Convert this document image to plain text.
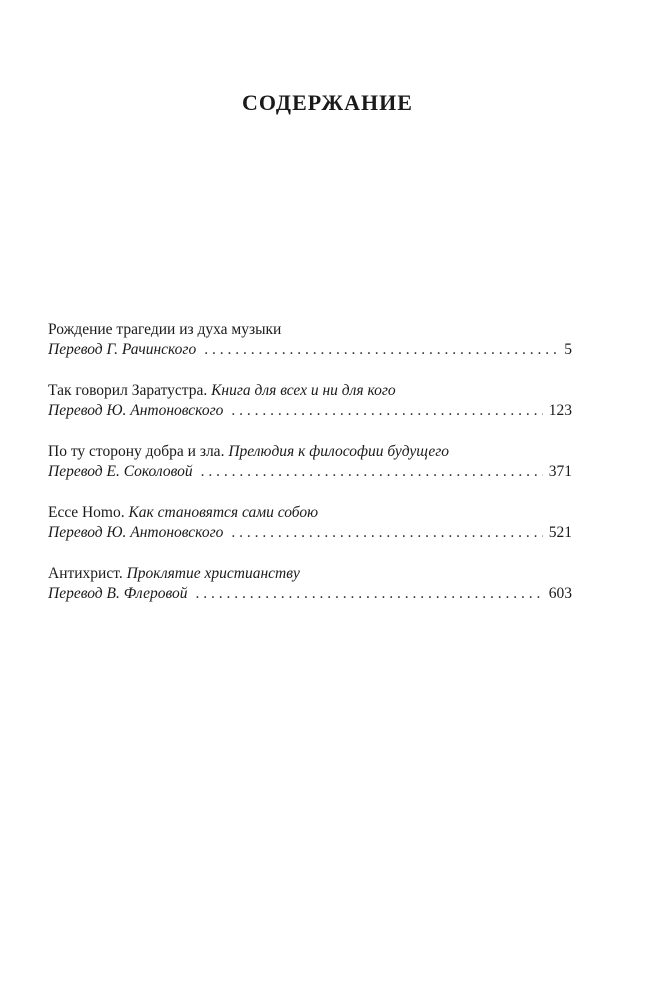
СОДЕРЖАНИЕ
Рождение трагедии из духа музыки
Перевод Г. Рачинского . . .	5
Так говорил Заратустра. Книга для всех и ни для кого
Перевод Ю. Антоновского . . .	123
По ту сторону добра и зла. Прелюдия к философии будущего
Перевод Е. Соколовой . . .	371
Ecce Homo. Как становятся сами собою
Перевод Ю. Антоновского . . .	521
Антихрист. Проклятие христианству
Перевод В. Флеровой . . .	603
